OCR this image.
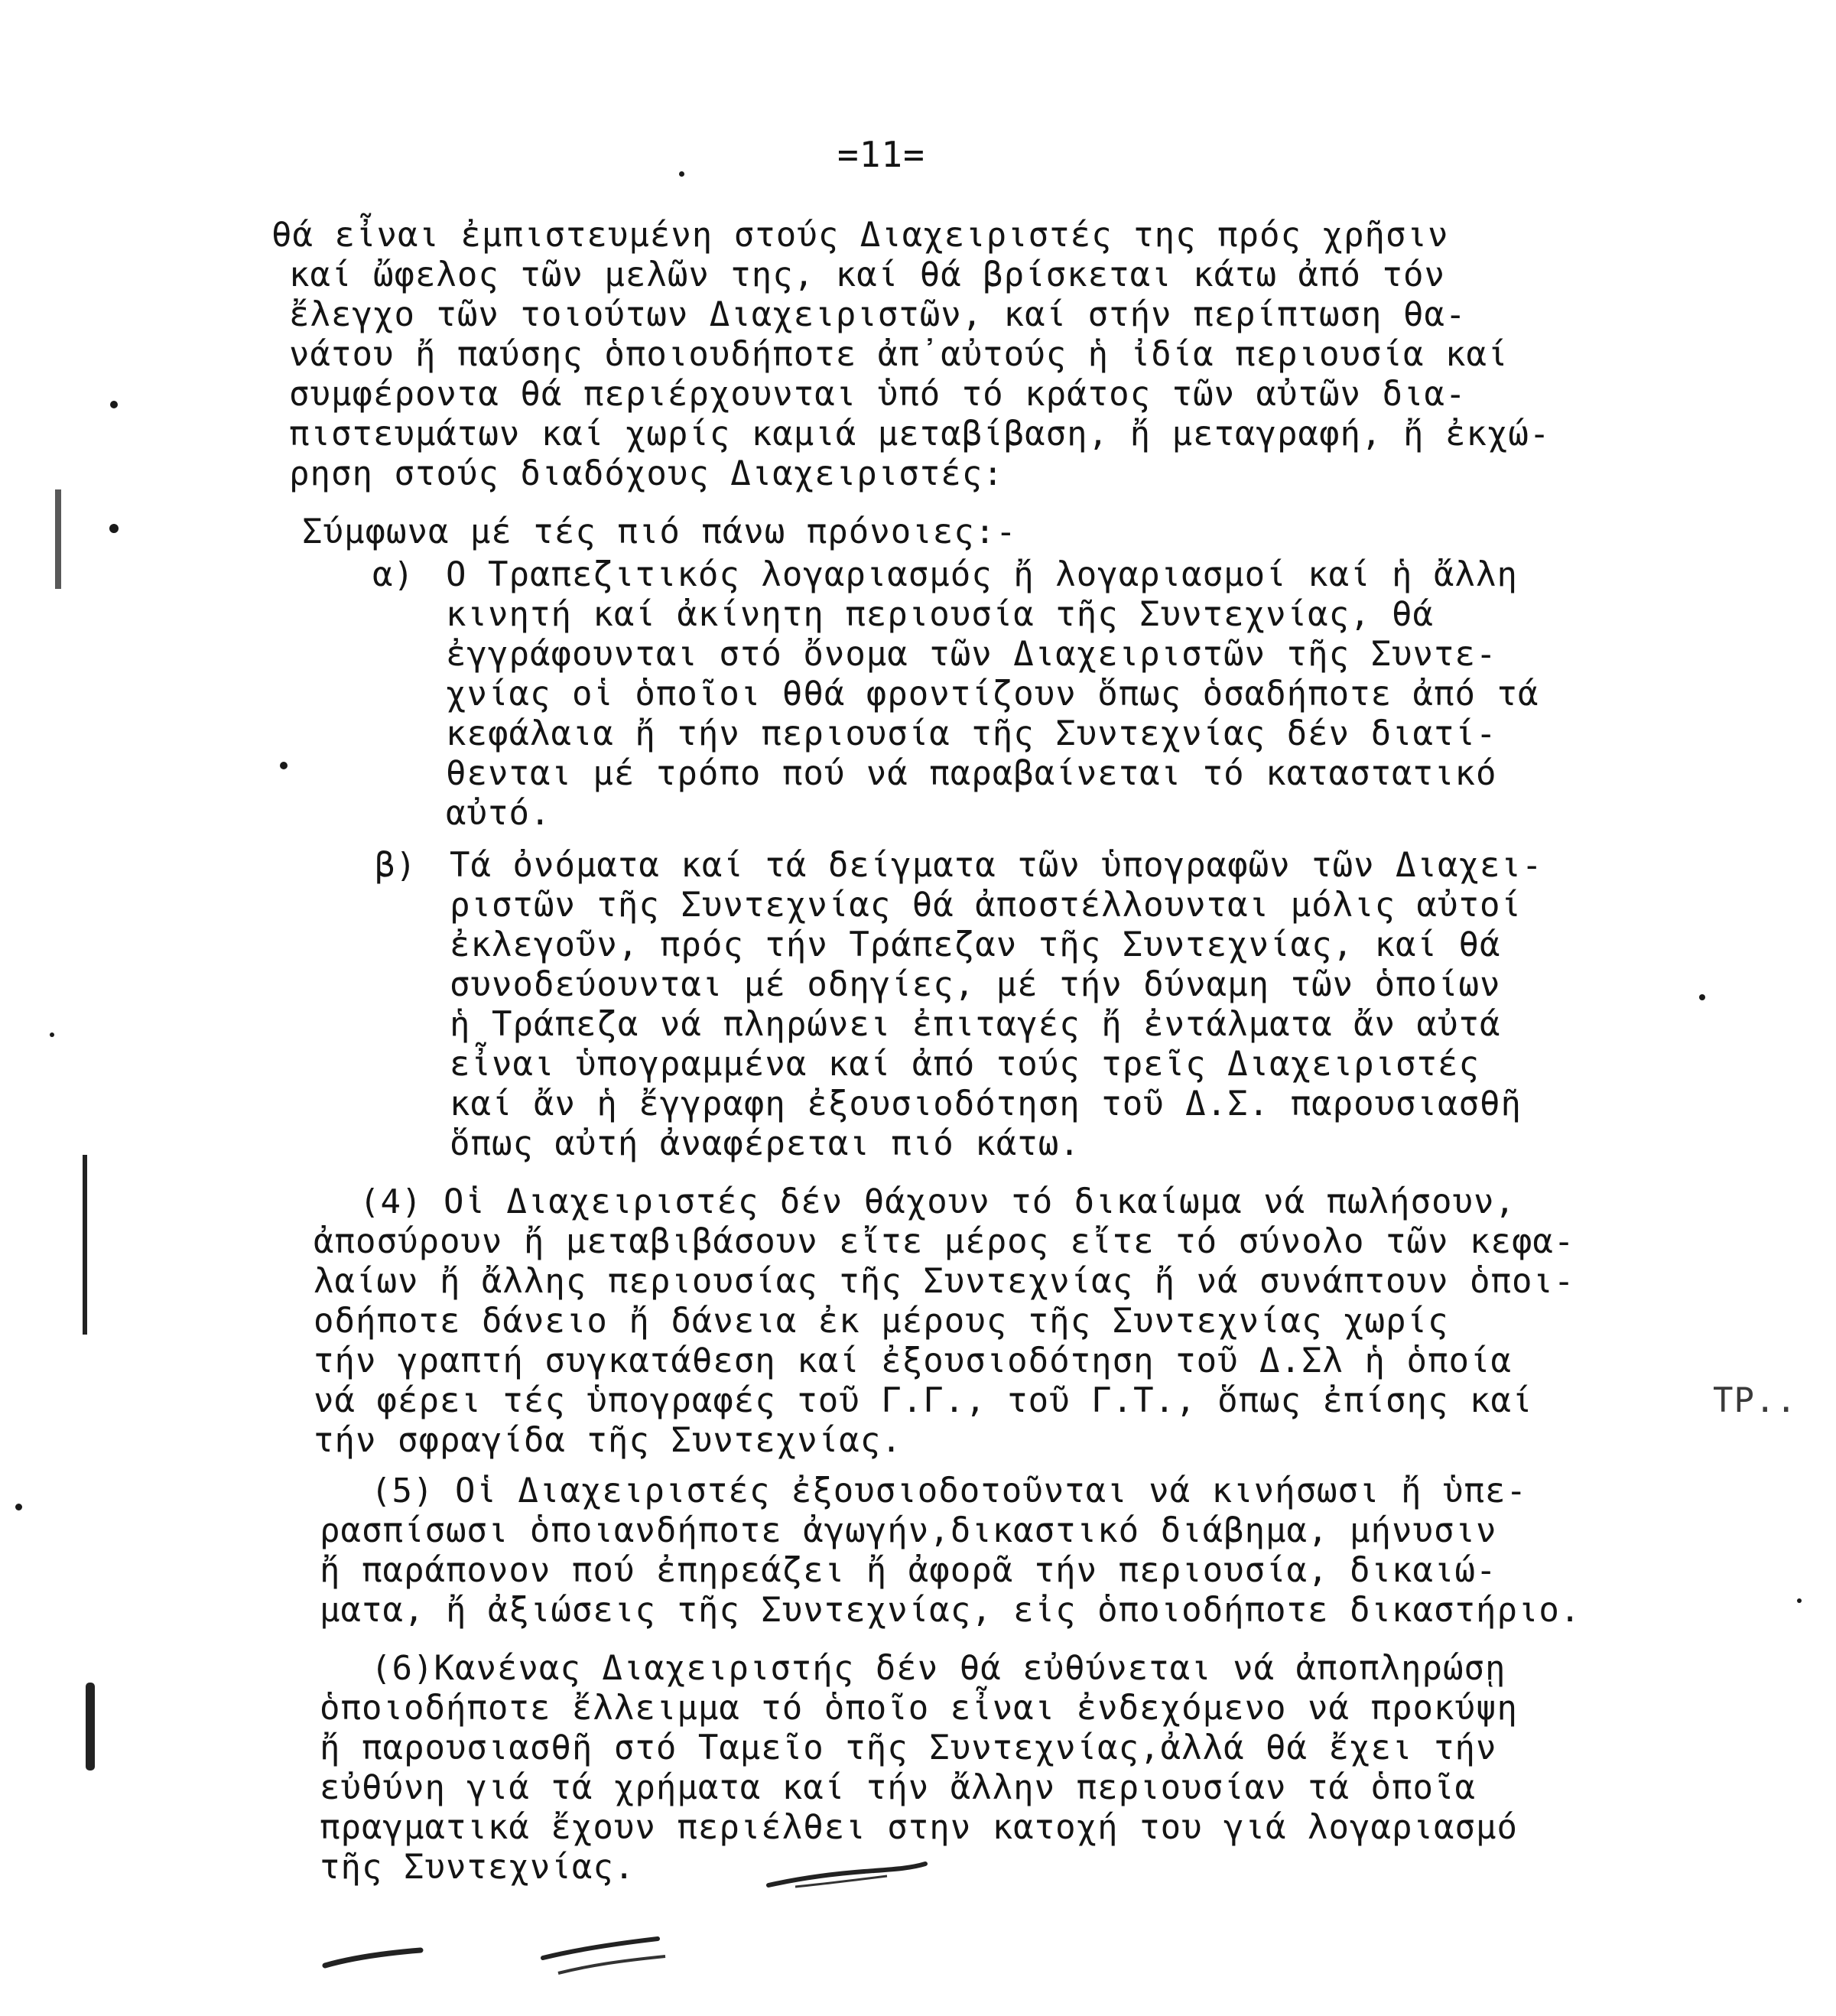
=11=
θά εἶναι ἐμπιστευμένη στούς Διαχειριστές της πρός χρῆσιν
καί ὤφελος τῶν μελῶν της, καί θά βρίσκεται κάτω ἀπό τόν
ἔλεγχο τῶν τοιούτων Διαχειριστῶν, καί στήν περίπτωση θα-
νάτου ἤ παύσης ὁποιουδήποτε ἀπ᾽αὐτούς ἡ ἰδία περιουσία καί
συμφέροντα θά περιέρχουνται ὑπό τό κράτος τῶν αὐτῶν δια-
πιστευμάτων καί χωρίς καμιά μεταβίβαση, ἤ μεταγραφή, ἤ ἐκχώ-
ρηση στούς διαδόχους Διαχειριστές:
Σύμφωνα μέ τές πιό πάνω πρόνοιες:-
α) Ο Τραπεζιτικός λογαριασμός ἤ λογαριασμοί καί ἡ ἄλλη
κινητή καί ἀκίνητη περιουσία τῆς Συντεχνίας, θά
ἐγγράφουνται στό ὄνομα τῶν Διαχειριστῶν τῆς Συντε-
χνίας οἱ ὁποῖοι θθά φροντίζουν ὅπως ὁσαδήποτε ἀπό τά
κεφάλαια ἤ τήν περιουσία τῆς Συντεχνίας δέν διατί-
θενται μέ τρόπο πού νά παραβαίνεται τό καταστατικό
αὐτό.
β) Τά ὀνόματα καί τά δείγματα τῶν ὑπογραφῶν τῶν Διαχει-
ριστῶν τῆς Συντεχνίας θά ἀποστέλλουνται μόλις αὐτοί
ἐκλεγοῦν, πρός τήν Τράπεζαν τῆς Συντεχνίας, καί θά
συνοδεύουνται μέ οδηγίες, μέ τήν δύναμη τῶν ὁποίων
ἡ Τράπεζα νά πληρώνει ἐπιταγές ἤ ἐντάλματα ἄν αὐτά
εἶναι ὑπογραμμένα καί ἀπό τούς τρεῖς Διαχειριστές
καί ἄν ἡ ἔγγραφη ἐξουσιοδότηση τοῦ Δ.Σ. παρουσιασθῆ
ὅπως αὐτή ἀναφέρεται πιό κάτω.
(4) Οἱ Διαχειριστές δέν θάχουν τό δικαίωμα νά πωλήσουν,
ἀποσύρουν ἤ μεταβιβάσουν εἴτε μέρος εἴτε τό σύνολο τῶν κεφα-
λαίων ἤ ἄλλης περιουσίας τῆς Συντεχνίας ἤ νά συνάπτουν ὁποι-
οδήποτε δάνειο ἤ δάνεια ἐκ μέρους τῆς Συντεχνίας χωρίς
τήν γραπτή συγκατάθεση καί ἐξουσιοδότηση τοῦ Δ.Σλ ἡ ὁποία
νά φέρει τές ὑπογραφές τοῦ Γ.Γ., τοῦ Γ.Τ., ὅπως ἐπίσης καί	ΤΡ..
τήν σφραγίδα τῆς Συντεχνίας.
(5) Οἱ Διαχειριστές ἐξουσιοδοτοῦνται νά κινήσωσι ἤ ὑπε-
ρασπίσωσι ὁποιανδήποτε ἀγωγήν,δικαστικό διάβημα, μήνυσιν
ἤ παράπονον πού ἐπηρεάζει ἤ ἀφορᾶ τήν περιουσία, δικαιώ-
ματα, ἤ ἀξιώσεις τῆς Συντεχνίας, εἰς ὁποιοδήποτε δικαστήριο.
(6)Κανένας Διαχειριστής δέν θά εὐθύνεται νά ἀποπληρώσῃ
ὁποιοδήποτε ἔλλειμμα τό ὁποῖο εἶναι ἐνδεχόμενο νά προκύψη
ἤ παρουσιασθῆ στό Ταμεῖο τῆς Συντεχνίας,ἀλλά θά ἔχει τήν
εὐθύνη γιά τά χρήματα καί τήν ἄλλην περιουσίαν τά ὁποῖα
πραγματικά ἔχουν περιέλθει στην κατοχή του γιά λογαριασμό
τῆς Συντεχνίας.
